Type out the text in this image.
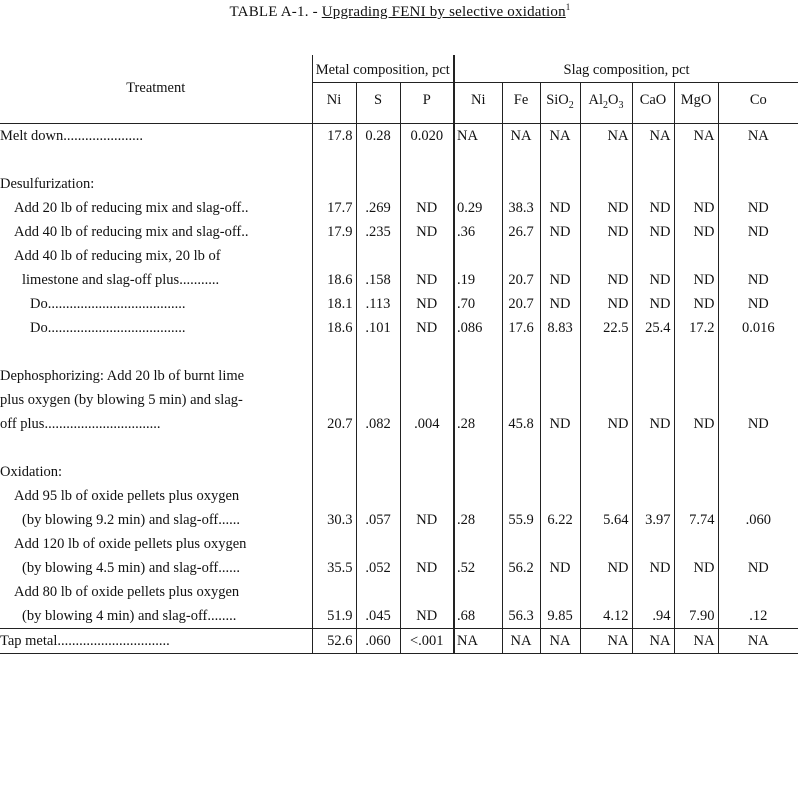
TABLE A-1. - Upgrading FENI by selective oxidation$^1$
Treatment	Metal composition, pct			Slag composition, pct						
	Ni	S	P	Ni	Fe	SiO$_2$	$Al_2O_3$	CaO	MgO	Co

Melt down......................	17.8	0.28	0.020	NA	NA	NA	NA	NA	NA	NA

Desulfurization:										

Add 20 lb of reducing mix and slag-off..	17.7	.269	ND	0.29	38.3	ND	ND	ND	ND	ND

Add 40 lb of reducing mix and slag-off..	17.9	.235	ND	.36	26.7	ND	ND	ND	ND	ND

Add 40 lb of reducing mix, 20 lb of
limestone and slag-off plus...........	18.6	.158	ND	.19	20.7	ND	ND	ND	ND	ND

Do......................................	18.1	.113	ND	.70	20.7	ND	ND	ND	ND	ND

Do......................................	18.6	.101	ND	.086	17.6	8.83	22.5	25.4	17.2	0.016

Dephosphorizing: Add 20 lb of burnt lime
plus oxygen (by blowing 5 min) and slag-
off plus................................	20.7	.082	.004	.28	45.8	ND	ND	ND	ND	ND

Oxidation:										

Add 95 lb of oxide pellets plus oxygen
(by blowing 9.2 min) and slag-off......	30.3	.057	ND	.28	55.9	6.22	5.64	3.97	7.74	.060

Add 120 lb of oxide pellets plus oxygen
(by blowing 4.5 min) and slag-off......	35.5	.052	ND	.52	56.2	ND	ND	ND	ND	ND

Add 80 lb of oxide pellets plus oxygen
(by blowing 4 min) and slag-off........	51.9	.045	ND	.68	56.3	9.85	4.12	.94	7.90	.12

Tap metal...............................	52.6	.060	<.001	NA	NA	NA	NA	NA	NA	NA
